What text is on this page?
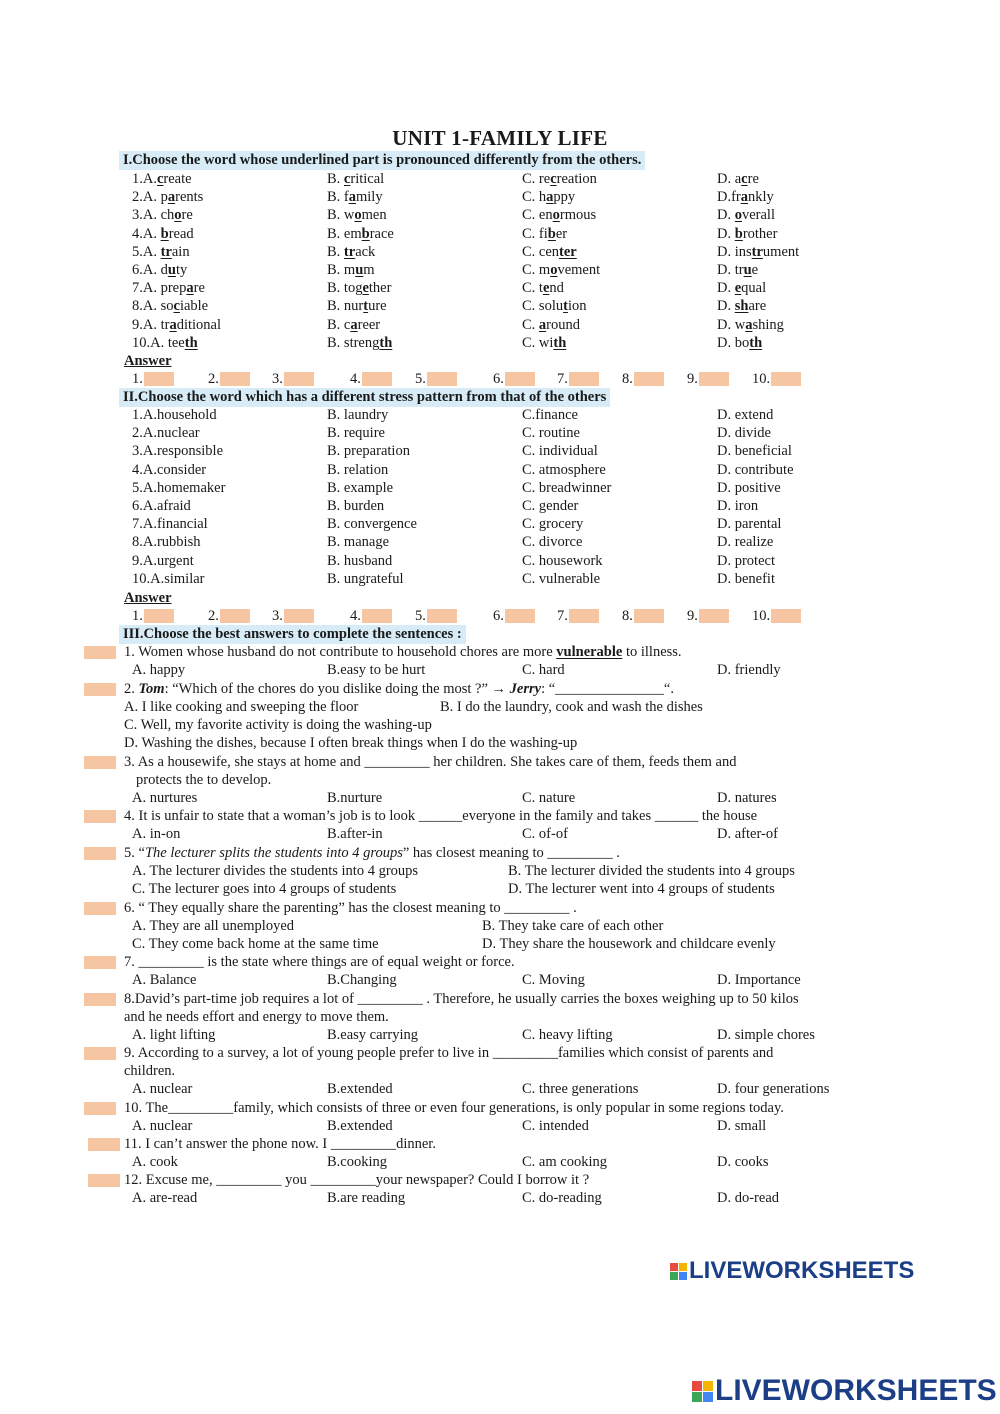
UNIT 1-FAMILY LIFE
I.Choose the word whose underlined part is pronounced differently from the others.
1.A.create	B. critical	C. recreation	D. acre
2.A. parents	B. family	C. happy	D.frankly
3.A. chore	B. women	C. enormous	D. overall
4.A. bread	B. embrace	C. fiber	D. brother
5.A. train	B. track	C. center	D. instrument
6.A. duty	B. mum	C. movement	D. true
7.A. prepare	B. together	C. tend	D. equal
8.A. sociable	B. nurture	C. solution	D. share
9.A. traditional	B. career	C. around	D. washing
10.A. teeth	B. strength	C. with	D. both
Answer
1.	2.	3.	4.	5.	6.	7.	8.	9.	10.
II.Choose the word which has a different stress pattern from that of the others
1.A.household	B. laundry	C.finance	D. extend
2.A.nuclear	B. require	C. routine	D. divide
3.A.responsible	B. preparation	C. individual	D. beneficial
4.A.consider	B. relation	C. atmosphere	D. contribute
5.A.homemaker	B. example	C. breadwinner	D. positive
6.A.afraid	B. burden	C. gender	D. iron
7.A.financial	B. convergence	C. grocery	D. parental
8.A.rubbish	B. manage	C. divorce	D. realize
9.A.urgent	B. husband	C. housework	D. protect
10.A.similar	B. ungrateful	C. vulnerable	D. benefit
Answer
1.	2.	3.	4.	5.	6.	7.	8.	9.	10.
III.Choose the best answers to complete the sentences :
1. Women whose husband do not contribute to household chores are more vulnerable to illness.
A. happy	B.easy to be hurt	C. hard	D. friendly
2. Tom: “Which of the chores do you dislike doing the most ?” → Jerry: “_______________“.
A. I like cooking and sweeping the floor	B. I do the laundry, cook and wash the dishes
C. Well, my favorite activity is doing the washing-up
D. Washing the dishes, because I often break things when I do the washing-up
3. As a housewife, she stays at home and _________ her children. She takes care of them, feeds them and
protects the to develop.
A. nurtures	B.nurture	C. nature	D. natures
4. It is unfair to state that a woman’s job is to look ______everyone in the family and takes ______ the house
A. in-on	B.after-in	C. of-of	D. after-of
5. “The lecturer splits the students into 4 groups” has closest meaning to _________ .
A. The lecturer divides the students into 4 groups	B. The lecturer divided the students into 4 groups
C. The lecturer goes into 4 groups of students	D. The lecturer went into 4 groups of students
6. “ They equally share the parenting” has the closest meaning to _________ .
A. They are all unemployed	B. They take care of each other
C. They come back home at the same time	D. They share the housework and childcare evenly
7. _________ is the state where things are of equal weight or force.
A. Balance	B.Changing	C. Moving	D. Importance
8.David’s part-time job requires a lot of _________ . Therefore, he usually carries the boxes weighing up to 50 kilos
and he needs effort and energy to move them.
A. light lifting	B.easy carrying	C. heavy lifting	D. simple chores
9. According to a survey, a lot of young people prefer to live in _________families which consist of parents and
children.
A. nuclear	B.extended	C. three generations	D. four generations
10. The_________family, which consists of three or even four generations, is only popular in some regions today.
A. nuclear	B.extended	C. intended	D. small
11. I can’t answer the phone now. I _________dinner.
A. cook	B.cooking	C. am cooking	D. cooks
12. Excuse me, _________ you _________your newspaper? Could I borrow it ?
A. are-read	B.are reading	C. do-reading	D. do-read
LIVEWORKSHEETS
LIVEWORKSHEETS
